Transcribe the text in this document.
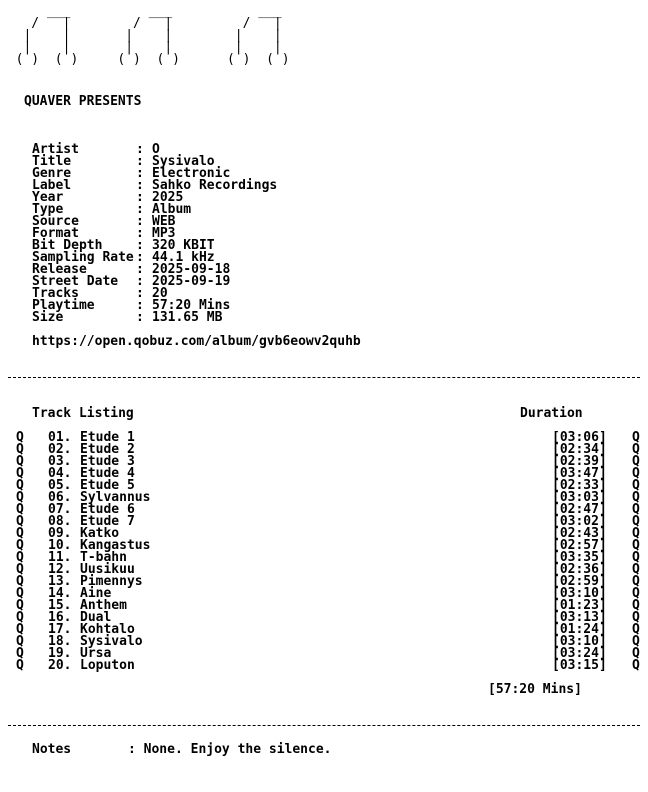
___          ___           ___
/   |        /   |         /   |
|    |       |    |        |    |
|    |       |    |        |    |
( )  ( )     ( )  ( )      ( )  ( )
QUAVER PRESENTS
Artist	: O
Title	: Sysivalo
Genre	: Electronic
Label	: Sahko Recordings
Year	: 2025
Type	: Album
Source	: WEB
Format	: MP3
Bit Depth	: 320 KBIT
Sampling Rate : 44.1 kHz
Release	: 2025-09-18
Street Date : 2025-09-19
Tracks	: 20
Playtime	: 57:20 Mins
Size	: 131.65 MB
https://open.qobuz.com/album/gvb6eowv2quhb
Track Listing	Duration
Q 01. Etude 1	[03:06] Q
Q 02. Etude 2	[02:34] Q
Q 03. Etude 3	[02:39] Q
Q 04. Etude 4	[03:47] Q
Q 05. Etude 5	[02:33] Q
Q 06. Sylvannus	[03:03] Q
Q 07. Etude 6	[02:47] Q
Q 08. Etude 7	[03:02] Q
Q 09. Katko	[02:43] Q
Q 10. Kangastus	[02:57] Q
Q 11. T-bahn	[03:35] Q
Q 12. Uusikuu	[02:36] Q
Q 13. Pimennys	[02:59] Q
Q 14. Aine	[03:10] Q
Q 15. Anthem	[01:23] Q
Q 16. Dual	[03:13] Q
Q 17. Kohtalo	[01:24] Q
Q 18. Sysivalo	[03:10] Q
Q 19. Ursa	[03:24] Q
Q 20. Loputon	[03:15] Q
[57:20 Mins]
Notes	: None. Enjoy the silence.
